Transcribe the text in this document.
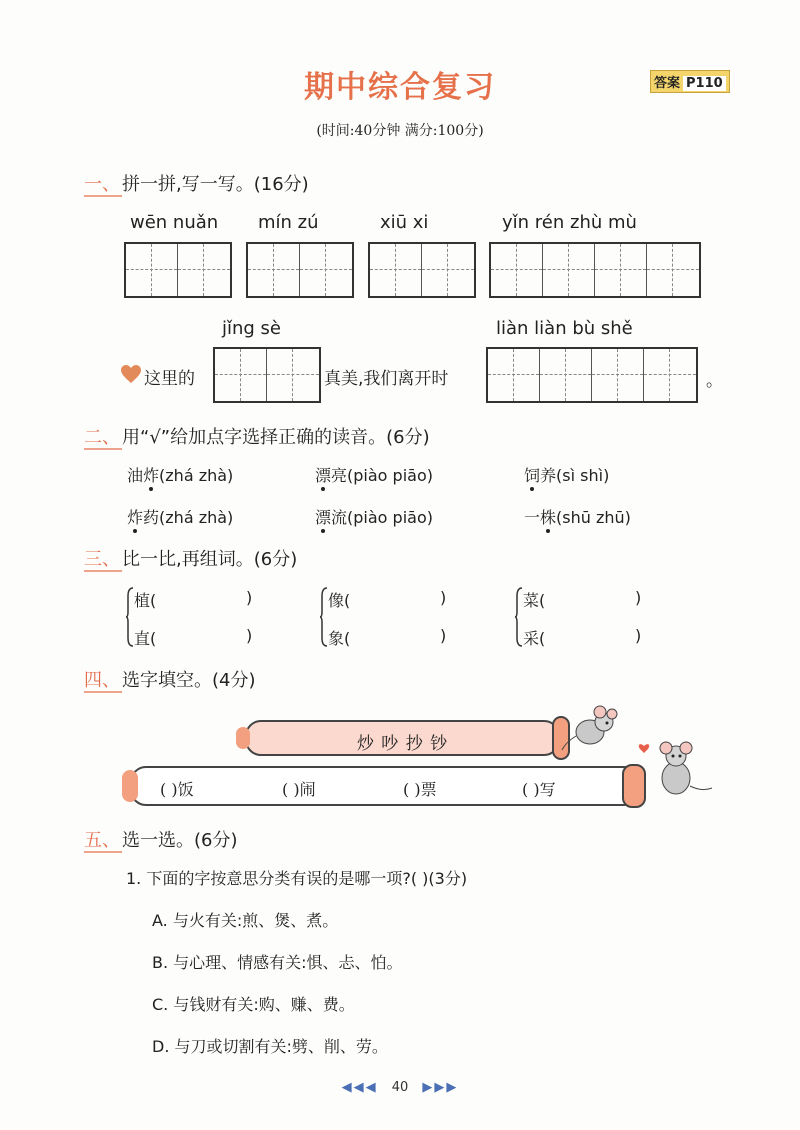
期中综合复习	答案 P110
(时间:40分钟 满分:100分)
一、 拼一拼,写一写。(16分)
wēn nuǎn	mín zú	xiū xi	yǐn rén zhù mù
jǐng sè	liàn liàn bù shě
这里的	真美,我们离开时	。
二、 用“√”给加点字选择正确的读音。(6分)
油炸(zhá zhà)	漂亮(piào piāo)	饲养(sì shì)
炸药(zhá zhà)	漂流(piào piāo)	一株(shū zhū)
三、 比一比,再组词。(6分)
植(	)
直(	)
像(	)
象(	)
菜(	)
采(	)
四、 选字填空。(4分)
炒 吵 抄 钞
( )饭	( )闹	( )票	( )写
五、 选一选。(6分)
1. 下面的字按意思分类有误的是哪一项?( )(3分)
A. 与火有关:煎、煲、煮。
B. 与心理、情感有关:惧、忐、怕。
C. 与钱财有关:购、赚、费。
D. 与刀或切割有关:劈、削、劳。
◀◀◀ 40 ▶▶▶
